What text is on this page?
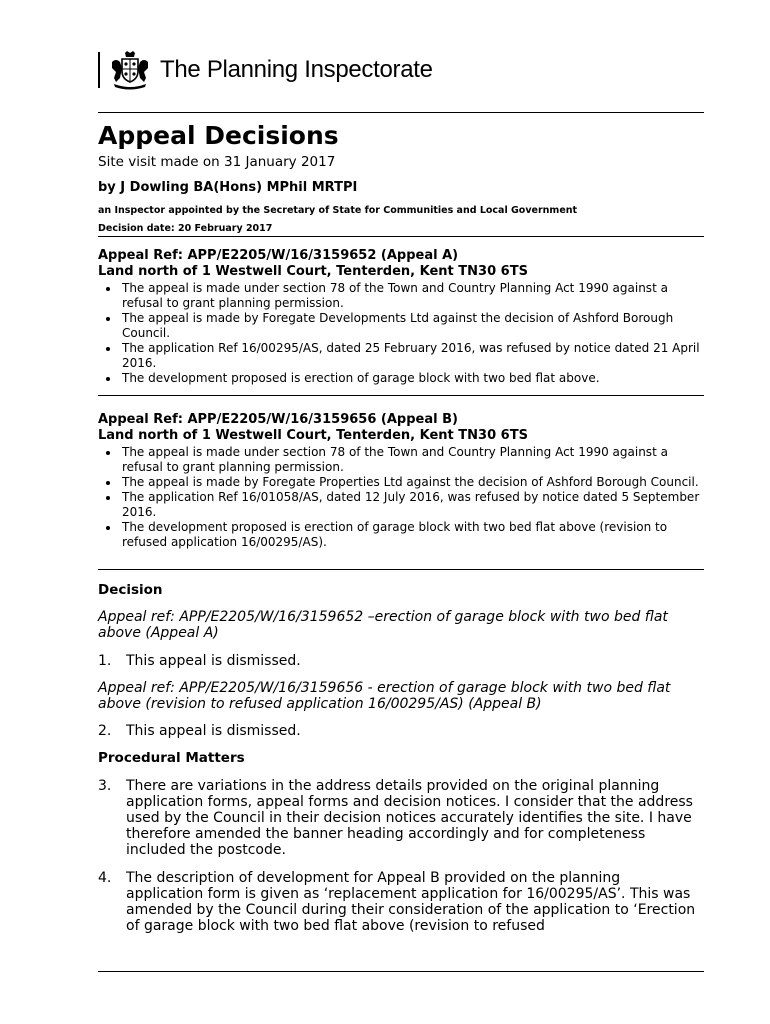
The Planning Inspectorate
Appeal Decisions
Site visit made on 31 January 2017
by J Dowling BA(Hons) MPhil MRTPI
an Inspector appointed by the Secretary of State for Communities and Local Government
Decision date: 20 February 2017
Appeal Ref: APP/E2205/W/16/3159652 (Appeal A)
Land north of 1 Westwell Court, Tenterden, Kent TN30 6TS
• The appeal is made under section 78 of the Town and Country Planning Act 1990 against a refusal to grant planning permission.
• The appeal is made by Foregate Developments Ltd against the decision of Ashford Borough Council.
• The application Ref 16/00295/AS, dated 25 February 2016, was refused by notice dated 21 April 2016.
• The development proposed is erection of garage block with two bed flat above.
Appeal Ref: APP/E2205/W/16/3159656 (Appeal B)
Land north of 1 Westwell Court, Tenterden, Kent TN30 6TS
• The appeal is made under section 78 of the Town and Country Planning Act 1990 against a refusal to grant planning permission.
• The appeal is made by Foregate Properties Ltd against the decision of Ashford Borough Council.
• The application Ref 16/01058/AS, dated 12 July 2016, was refused by notice dated 5 September 2016.
• The development proposed is erection of garage block with two bed flat above (revision to refused application 16/00295/AS).
Decision
Appeal ref: APP/E2205/W/16/3159652 –erection of garage block with two bed flat above (Appeal A)
1.	This appeal is dismissed.
Appeal ref: APP/E2205/W/16/3159656 - erection of garage block with two bed flat above (revision to refused application 16/00295/AS) (Appeal B)
2.	This appeal is dismissed.
Procedural Matters
3.	There are variations in the address details provided on the original planning application forms, appeal forms and decision notices. I consider that the address used by the Council in their decision notices accurately identifies the site. I have therefore amended the banner heading accordingly and for completeness included the postcode.
4.	The description of development for Appeal B provided on the planning application form is given as ‘replacement application for 16/00295/AS’. This was amended by the Council during their consideration of the application to ‘Erection of garage block with two bed flat above (revision to refused
